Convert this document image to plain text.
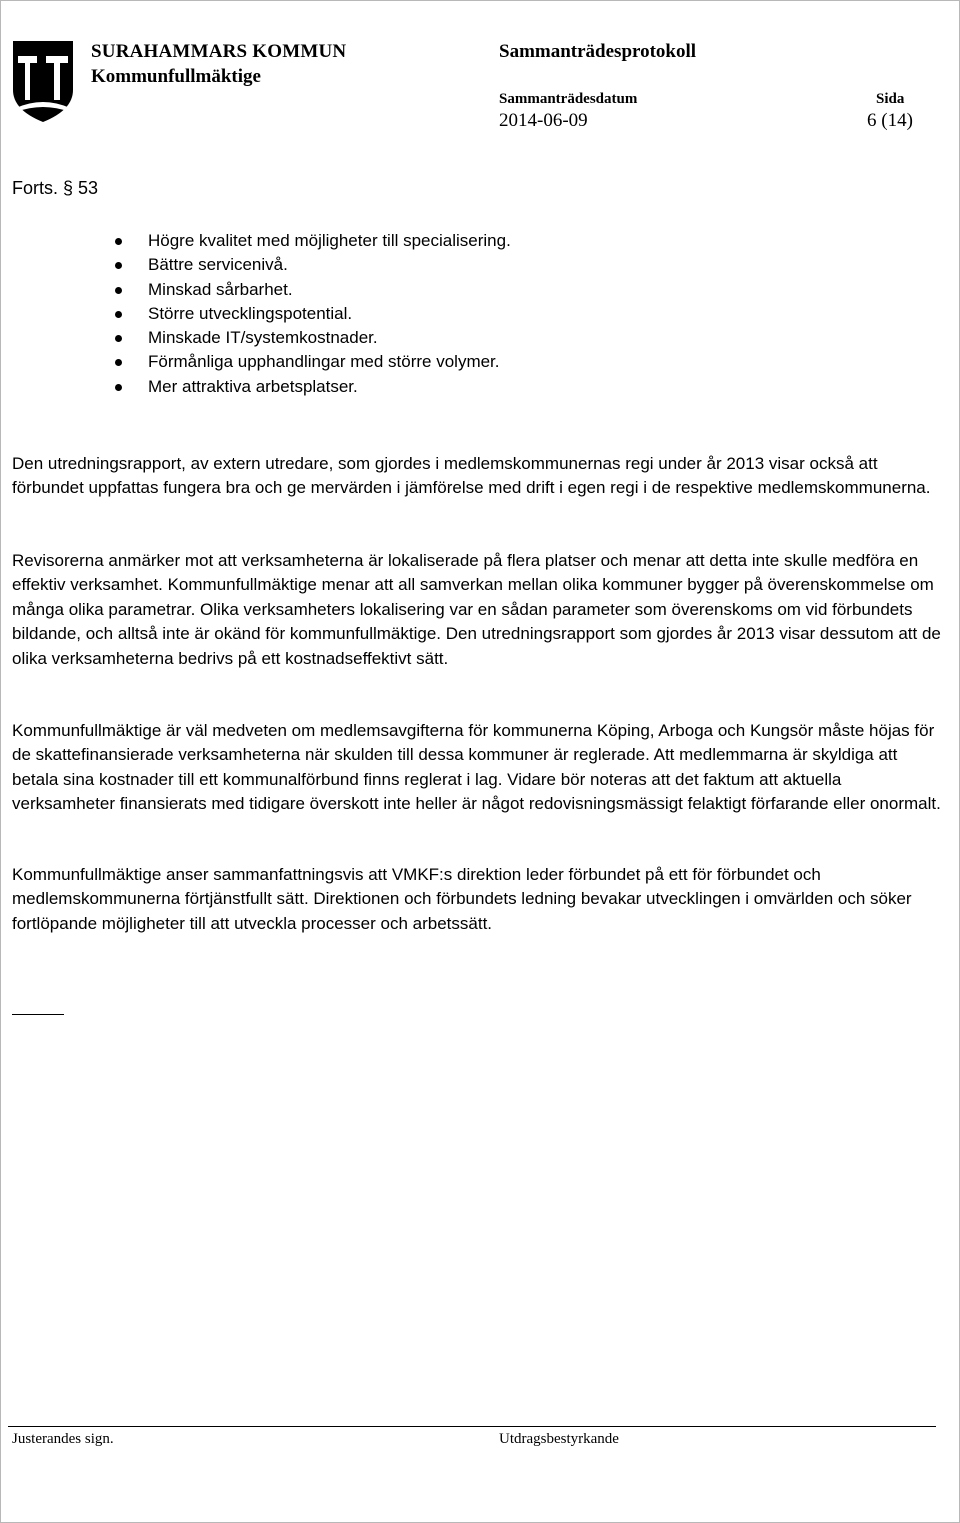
SURAHAMMARS KOMMUN
Kommunfullmäktige
Sammanträdesprotokoll
Sammanträdesdatum	Sida
2014-06-09	6 (14)
Forts. § 53
Högre kvalitet med möjligheter till specialisering.
Bättre servicenivå.
Minskad sårbarhet.
Större utvecklingspotential.
Minskade IT/systemkostnader.
Förmånliga upphandlingar med större volymer.
Mer attraktiva arbetsplatser.

Den utredningsrapport, av extern utredare, som gjordes i medlemskommunernas regi under år 2013 visar också att förbundet uppfattas fungera bra och ge mervärden i jämförelse med drift i egen regi i de respektive medlemskommunerna.

Revisorerna anmärker mot att verksamheterna är lokaliserade på flera platser och menar att detta inte skulle medföra en effektiv verksamhet. Kommunfullmäktige menar att all samverkan mellan olika kommuner bygger på överenskommelse om många olika parametrar. Olika verksamheters lokalisering var en sådan parameter som överenskoms om vid förbundets bildande, och alltså inte är okänd för kommunfullmäktige. Den utredningsrapport som gjordes år 2013 visar dessutom att de olika verksamheterna bedrivs på ett kostnadseffektivt sätt.

Kommunfullmäktige är väl medveten om medlemsavgifterna för kommunerna Köping, Arboga och Kungsör måste höjas för de skattefinansierade verksamheterna när skulden till dessa kommuner är reglerade. Att medlemmarna är skyldiga att betala sina kostnader till ett kommunalförbund finns reglerat i lag. Vidare bör noteras att det faktum att aktuella verksamheter finansierats med tidigare överskott inte heller är något redovisningsmässigt felaktigt förfarande eller onormalt.

Kommunfullmäktige anser sammanfattningsvis att VMKF:s direktion leder förbundet på ett för förbundet och medlemskommunerna förtjänstfullt sätt. Direktionen och förbundets ledning bevakar utvecklingen i omvärlden och söker fortlöpande möjligheter till att utveckla processer och arbetssätt.

Justerandes sign.	Utdragsbestyrkande
